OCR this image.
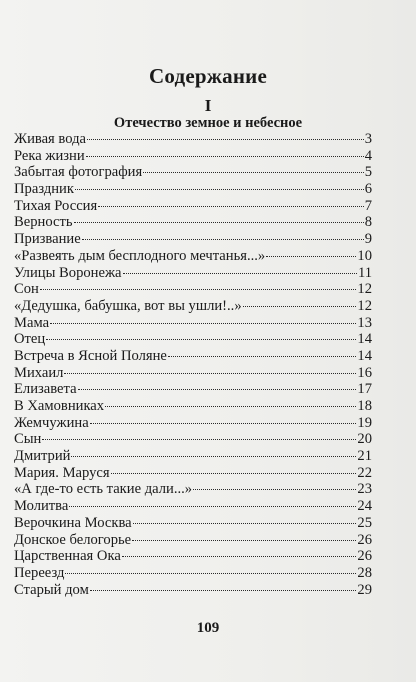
Содержание
I
Отечество земное и небесное
Живая вода	3
Река жизни	4
Забытая фотография	5
Праздник	6
Тихая Россия	7
Верность	8
Призвание	9
«Развеять дым бесплодного мечтанья...»	10
Улицы Воронежа	11
Сон	12
«Дедушка, бабушка, вот вы ушли!..»	12
Мама	13
Отец	14
Встреча в Ясной Поляне	14
Михаил	16
Елизавета	17
В Хамовниках	18
Жемчужина	19
Сын	20
Дмитрий	21
Мария. Маруся	22
«А где-то есть такие дали...»	23
Молитва	24
Верочкина Москва	25
Донское белогорье	26
Царственная Ока	26
Переезд	28
Старый дом	29
109
